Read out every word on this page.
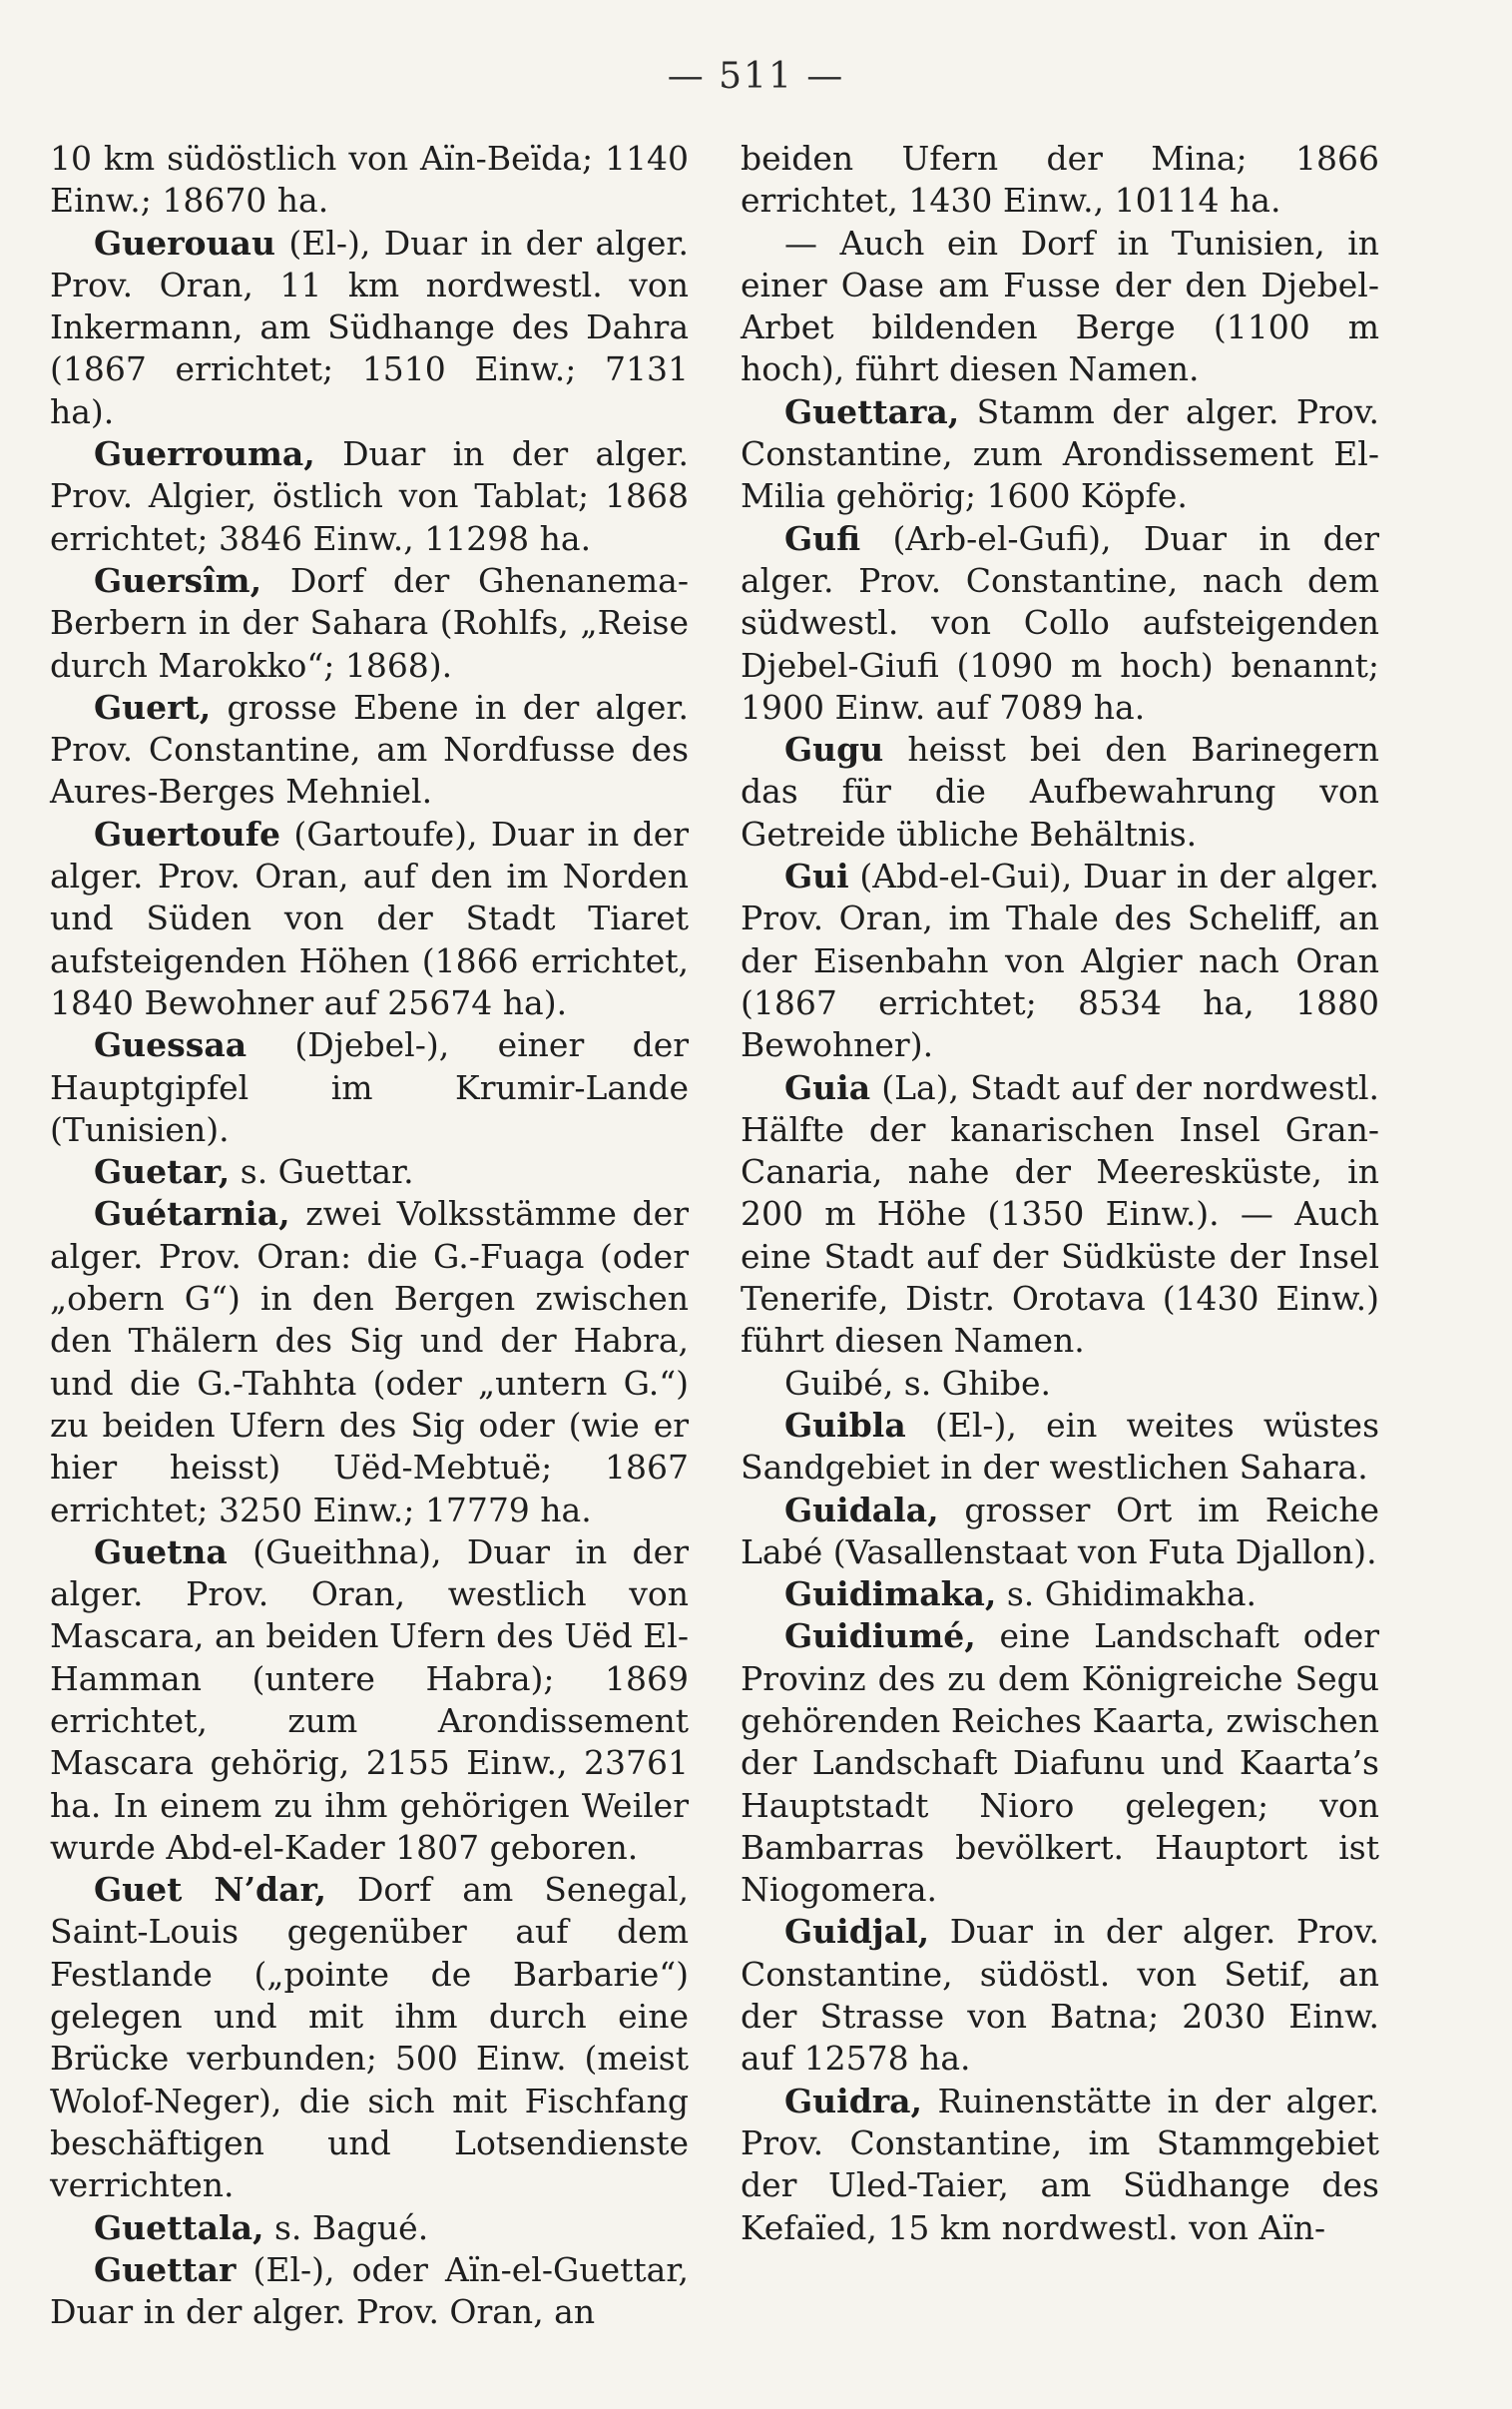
— 511 —

10 km südöstlich von Aïn-Beïda; 1140 Einw.; 18670 ha.

Guerouau (El-), Duar in der alger. Prov. Oran, 11 km nordwestl. von Inkermann, am Südhange des Dahra (1867 errichtet; 1510 Einw.; 7131 ha).

Guerrouma, Duar in der alger. Prov. Algier, östlich von Tablat; 1868 errichtet; 3846 Einw., 11298 ha.

Guersîm, Dorf der Ghenanema-Berbern in der Sahara (Rohlfs, „Reise durch Marokko“; 1868).

Guert, grosse Ebene in der alger. Prov. Constantine, am Nordfusse des Aures-Berges Mehniel.

Guertoufe (Gartoufe), Duar in der alger. Prov. Oran, auf den im Norden und Süden von der Stadt Tiaret aufsteigenden Höhen (1866 errichtet, 1840 Bewohner auf 25674 ha).

Guessaa (Djebel-), einer der Hauptgipfel im Krumir-Lande (Tunisien).

Guetar, s. Guettar.

Guétarnia, zwei Volksstämme der alger. Prov. Oran: die G.-Fuaga (oder „obern G“) in den Bergen zwischen den Thälern des Sig und der Habra, und die G.-Tahhta (oder „untern G.“) zu beiden Ufern des Sig oder (wie er hier heisst) Uëd-Mebtuë; 1867 errichtet; 3250 Einw.; 17779 ha.

Guetna (Gueithna), Duar in der alger. Prov. Oran, westlich von Mascara, an beiden Ufern des Uëd El-Hamman (untere Habra); 1869 errichtet, zum Arondissement Mascara gehörig, 2155 Einw., 23761 ha. In einem zu ihm gehörigen Weiler wurde Abd-el-Kader 1807 geboren.

Guet N’dar, Dorf am Senegal, Saint-Louis gegenüber auf dem Festlande („pointe de Barbarie“) gelegen und mit ihm durch eine Brücke verbunden; 500 Einw. (meist Wolof-Neger), die sich mit Fischfang beschäftigen und Lotsendienste verrichten.

Guettala, s. Bagué.

Guettar (El-), oder Aïn-el-Guettar, Duar in der alger. Prov. Oran, an

beiden Ufern der Mina; 1866 errichtet, 1430 Einw., 10114 ha.

— Auch ein Dorf in Tunisien, in einer Oase am Fusse der den Djebel-Arbet bildenden Berge (1100 m hoch), führt diesen Namen.

Guettara, Stamm der alger. Prov. Constantine, zum Arondissement El-Milia gehörig; 1600 Köpfe.

Gufi (Arb-el-Gufi), Duar in der alger. Prov. Constantine, nach dem südwestl. von Collo aufsteigenden Djebel-Giufi (1090 m hoch) benannt; 1900 Einw. auf 7089 ha.

Gugu heisst bei den Barinegern das für die Aufbewahrung von Getreide übliche Behältnis.

Gui (Abd-el-Gui), Duar in der alger. Prov. Oran, im Thale des Scheliff, an der Eisenbahn von Algier nach Oran (1867 errichtet; 8534 ha, 1880 Bewohner).

Guia (La), Stadt auf der nordwestl. Hälfte der kanarischen Insel Gran-Canaria, nahe der Meeresküste, in 200 m Höhe (1350 Einw.). — Auch eine Stadt auf der Südküste der Insel Tenerife, Distr. Orotava (1430 Einw.) führt diesen Namen.

Guibé, s. Ghibe.

Guibla (El-), ein weites wüstes Sandgebiet in der westlichen Sahara.

Guidala, grosser Ort im Reiche Labé (Vasallenstaat von Futa Djallon).

Guidimaka, s. Ghidimakha.

Guidiumé, eine Landschaft oder Provinz des zu dem Königreiche Segu gehörenden Reiches Kaarta, zwischen der Landschaft Diafunu und Kaarta’s Hauptstadt Nioro gelegen; von Bambarras bevölkert. Hauptort ist Niogomera.

Guidjal, Duar in der alger. Prov. Constantine, südöstl. von Setif, an der Strasse von Batna; 2030 Einw. auf 12578 ha.

Guidra, Ruinenstätte in der alger. Prov. Constantine, im Stammgebiet der Uled-Taier, am Südhange des Kefaïed, 15 km nordwestl. von Aïn-
